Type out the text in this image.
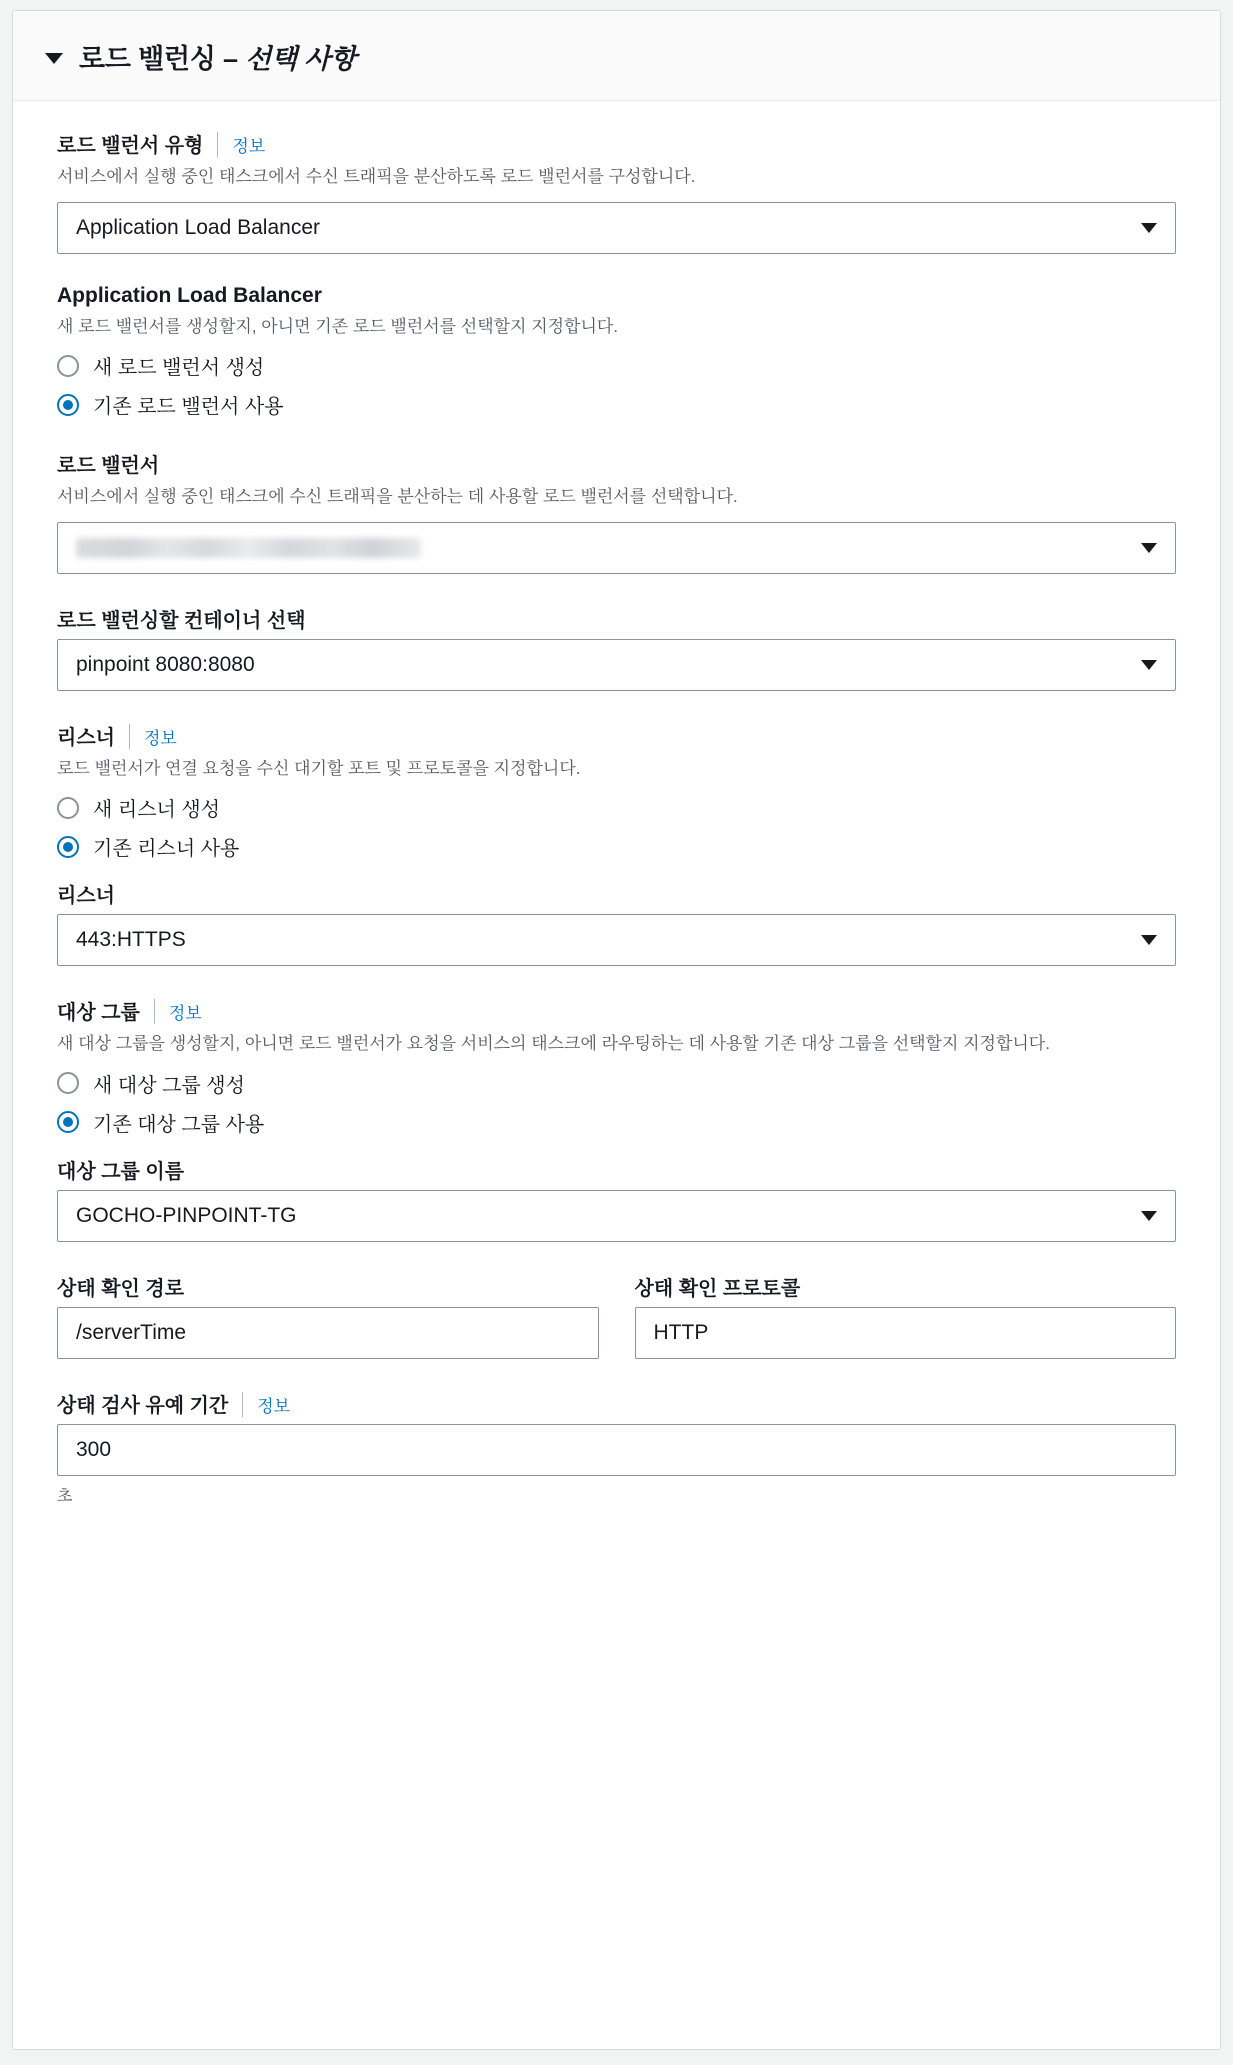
로드 밸런싱 – 선택 사항
로드 밸런서 유형	정보
서비스에서 실행 중인 태스크에서 수신 트래픽을 분산하도록 로드 밸런서를 구성합니다.
Application Load Balancer
Application Load Balancer
새 로드 밸런서를 생성할지, 아니면 기존 로드 밸런서를 선택할지 지정합니다.
새 로드 밸런서 생성
기존 로드 밸런서 사용
로드 밸런서
서비스에서 실행 중인 태스크에 수신 트래픽을 분산하는 데 사용할 로드 밸런서를 선택합니다.
로드 밸런싱할 컨테이너 선택
pinpoint 8080:8080
리스너	정보
로드 밸런서가 연결 요청을 수신 대기할 포트 및 프로토콜을 지정합니다.
새 리스너 생성
기존 리스너 사용
리스너
443:HTTPS
대상 그룹	정보
새 대상 그룹을 생성할지, 아니면 로드 밸런서가 요청을 서비스의 태스크에 라우팅하는 데 사용할 기존 대상 그룹을 선택할지 지정합니다.
새 대상 그룹 생성
기존 대상 그룹 사용
대상 그룹 이름
GOCHO-PINPOINT-TG
상태 확인 경로
/serverTime
상태 확인 프로토콜
HTTP
상태 검사 유예 기간	정보
300
초
